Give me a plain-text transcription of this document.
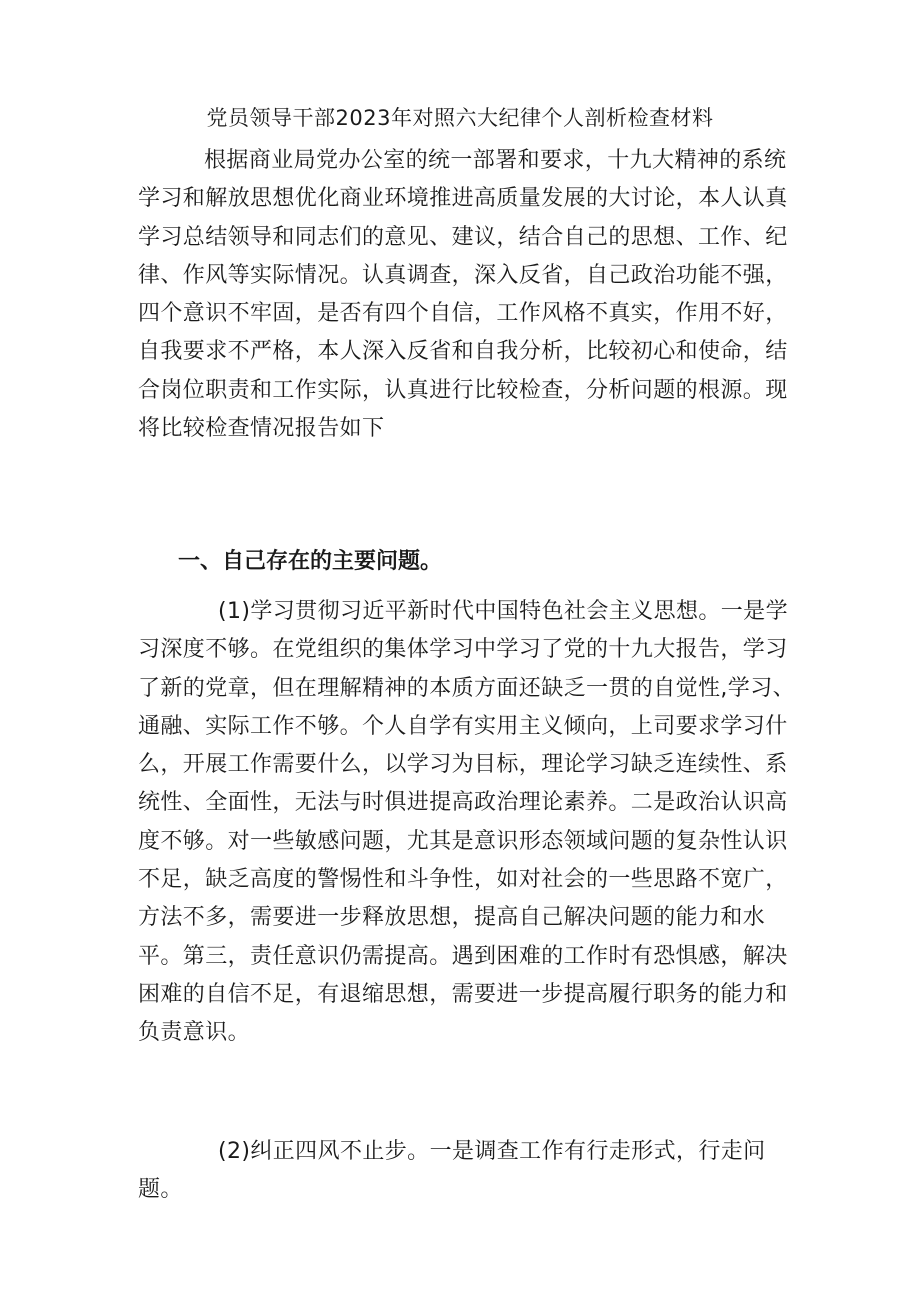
党员领导干部2023年对照六大纪律个人剖析检查材料

根据商业局党办公室的统一部署和要求，十九大精神的系统学习和解放思想优化商业环境推进高质量发展的大讨论，本人认真学习总结领导和同志们的意见、建议，结合自己的思想、工作、纪律、作风等实际情况。认真调查，深入反省，自己政治功能不强，四个意识不牢固，是否有四个自信，工作风格不真实，作用不好，自我要求不严格，本人深入反省和自我分析，比较初心和使命，结合岗位职责和工作实际，认真进行比较检查，分析问题的根源。现将比较检查情况报告如下

一、自己存在的主要问题。

(1)学习贯彻习近平新时代中国特色社会主义思想。一是学习深度不够。在党组织的集体学习中学习了党的十九大报告，学习了新的党章，但在理解精神的本质方面还缺乏一贯的自觉性,学习、通融、实际工作不够。个人自学有实用主义倾向，上司要求学习什么，开展工作需要什么，以学习为目标，理论学习缺乏连续性、系统性、全面性，无法与时俱进提高政治理论素养。二是政治认识高度不够。对一些敏感问题，尤其是意识形态领域问题的复杂性认识不足，缺乏高度的警惕性和斗争性，如对社会的一些思路不宽广，方法不多，需要进一步释放思想，提高自己解决问题的能力和水平。第三，责任意识仍需提高。遇到困难的工作时有恐惧感，解决困难的自信不足，有退缩思想，需要进一步提高履行职务的能力和负责意识。

(2)纠正四风不止步。一是调查工作有行走形式，行走问题。
